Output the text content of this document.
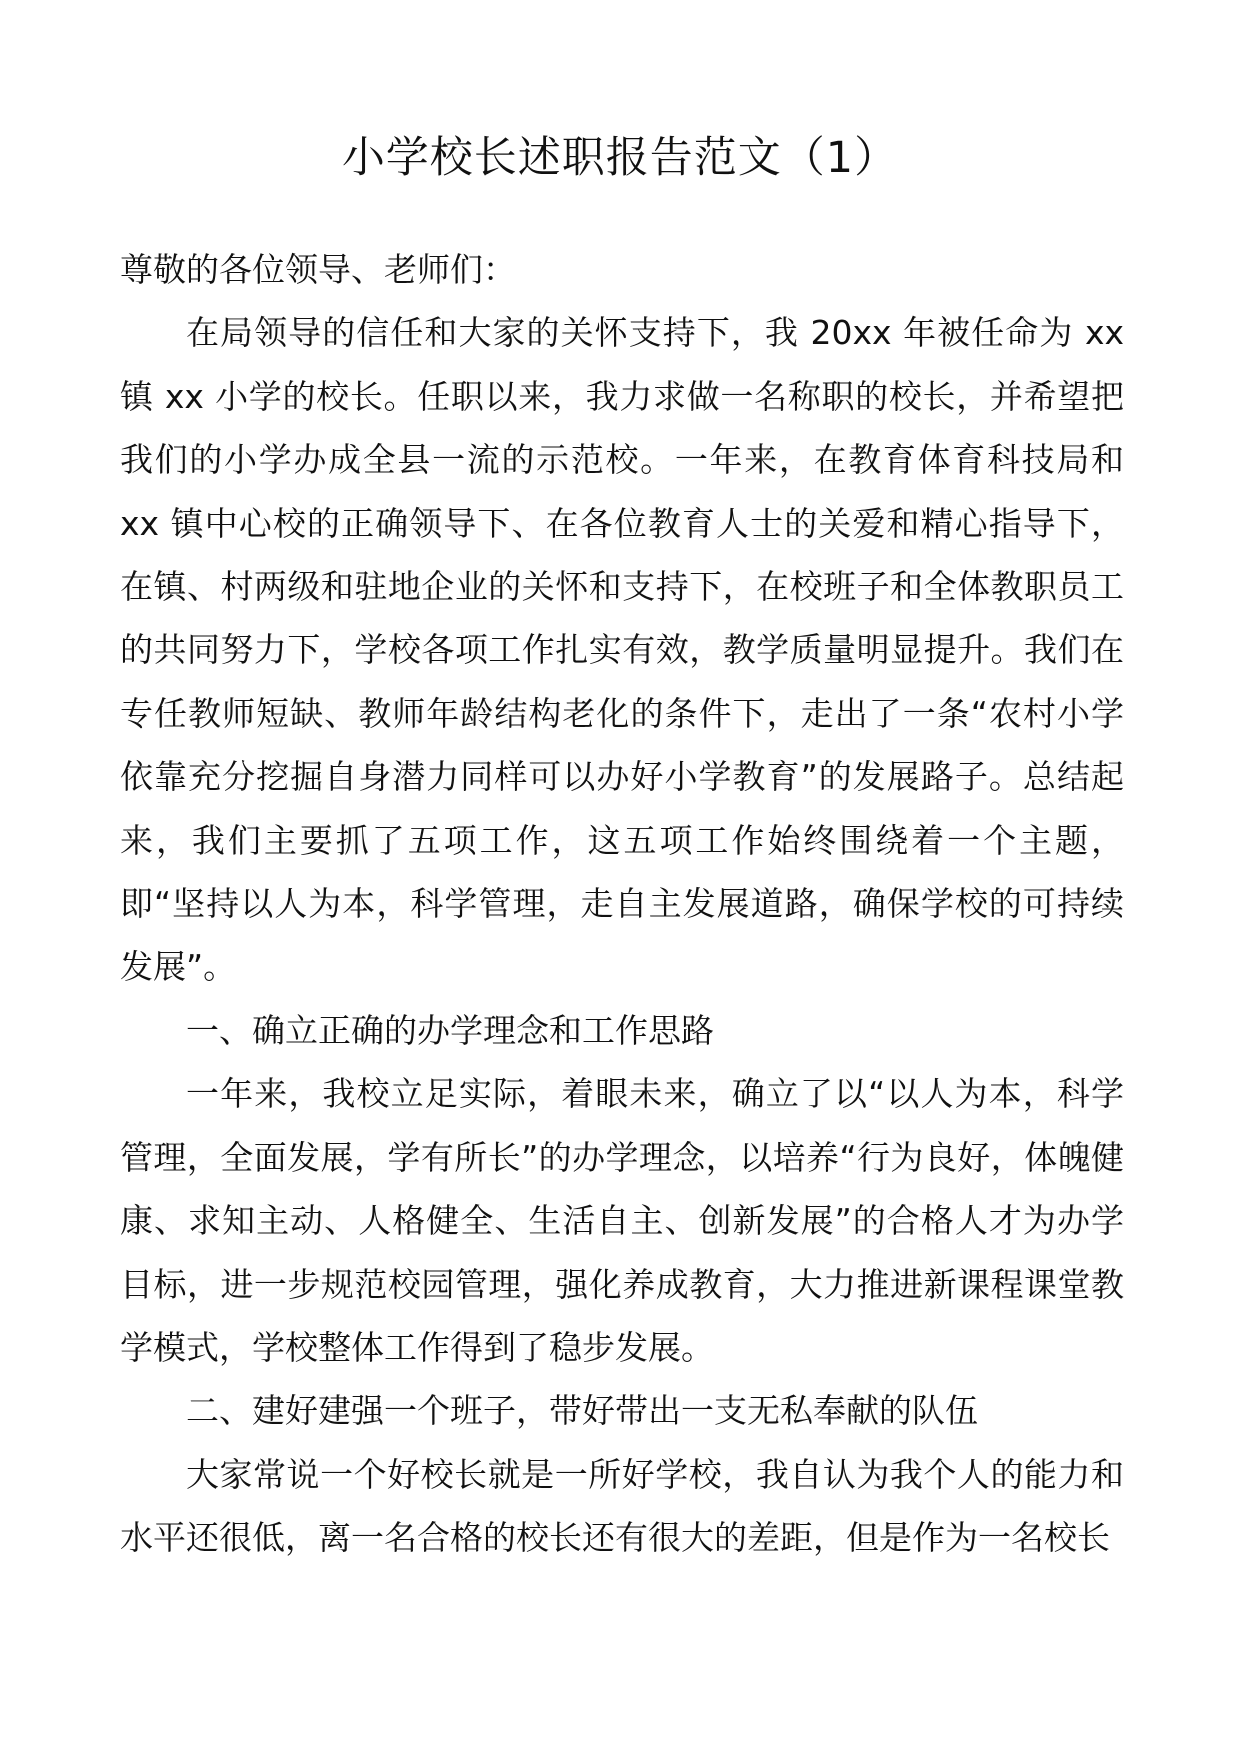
小学校长述职报告范文（1）

尊敬的各位领导、老师们：

在局领导的信任和大家的关怀支持下，我 20xx 年被任命为 xx 镇 xx 小学的校长。任职以来，我力求做一名称职的校长，并希望把我们的小学办成全县一流的示范校。一年来，在教育体育科技局和 xx 镇中心校的正确领导下、在各位教育人士的关爱和精心指导下，在镇、村两级和驻地企业的关怀和支持下，在校班子和全体教职员工的共同努力下，学校各项工作扎实有效，教学质量明显提升。我们在专任教师短缺、教师年龄结构老化的条件下，走出了一条“农村小学依靠充分挖掘自身潜力同样可以办好小学教育”的发展路子。总结起来，我们主要抓了五项工作，这五项工作始终围绕着一个主题，即“坚持以人为本，科学管理，走自主发展道路，确保学校的可持续发展”。

一、确立正确的办学理念和工作思路

一年来，我校立足实际，着眼未来，确立了以“以人为本，科学管理，全面发展，学有所长”的办学理念，以培养“行为良好，体魄健康、求知主动、人格健全、生活自主、创新发展”的合格人才为办学目标，进一步规范校园管理，强化养成教育，大力推进新课程课堂教学模式，学校整体工作得到了稳步发展。

二、建好建强一个班子，带好带出一支无私奉献的队伍

大家常说一个好校长就是一所好学校，我自认为我个人的能力和水平还很低，离一名合格的校长还有很大的差距，但是作为一名校长
